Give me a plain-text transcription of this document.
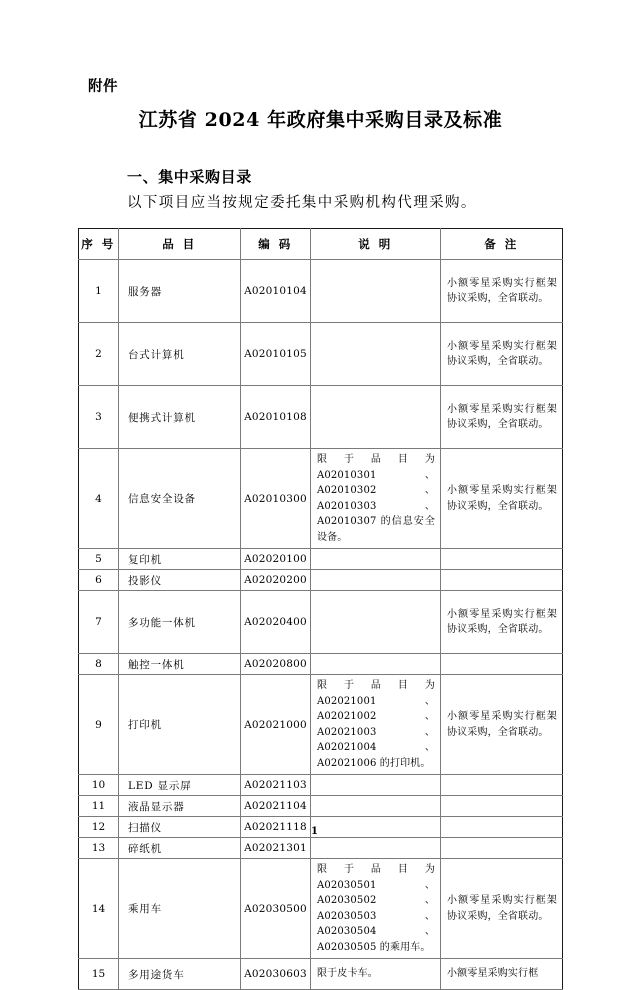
附件
江苏省 2024 年政府集中采购目录及标准
一、集中采购目录
以下项目应当按规定委托集中采购机构代理采购。
序 号	品 目	编 码	说 明	备 注
1	服务器	A02010104		小额零星采购实行框架协议采购，全省联动。
2	台式计算机	A02010105		小额零星采购实行框架协议采购，全省联动。
3	便携式计算机	A02010108		小额零星采购实行框架协议采购，全省联动。
4	信息安全设备	A02010300	限于品目为 A02010301、A02010302、A02010303、A02010307 的信息安全设备。	小额零星采购实行框架协议采购，全省联动。
5	复印机	A02020100		
6	投影仪	A02020200		
7	多功能一体机	A02020400		小额零星采购实行框架协议采购，全省联动。
8	触控一体机	A02020800		
9	打印机	A02021000	限于品目为 A02021001、A02021002、A02021003、A02021004 、 A02021006 的打印机。	小额零星采购实行框架协议采购，全省联动。
10	LED 显示屏	A02021103		
11	液晶显示器	A02021104		
12	扫描仪	A02021118		
13	碎纸机	A02021301		
14	乘用车	A02030500	限于品目为 A02030501、A02030502、A02030503、A02030504 、 A02030505 的乘用车。	小额零星采购实行框架协议采购，全省联动。
15	多用途货车	A02030603	限于皮卡车。	小额零星采购实行框
1
